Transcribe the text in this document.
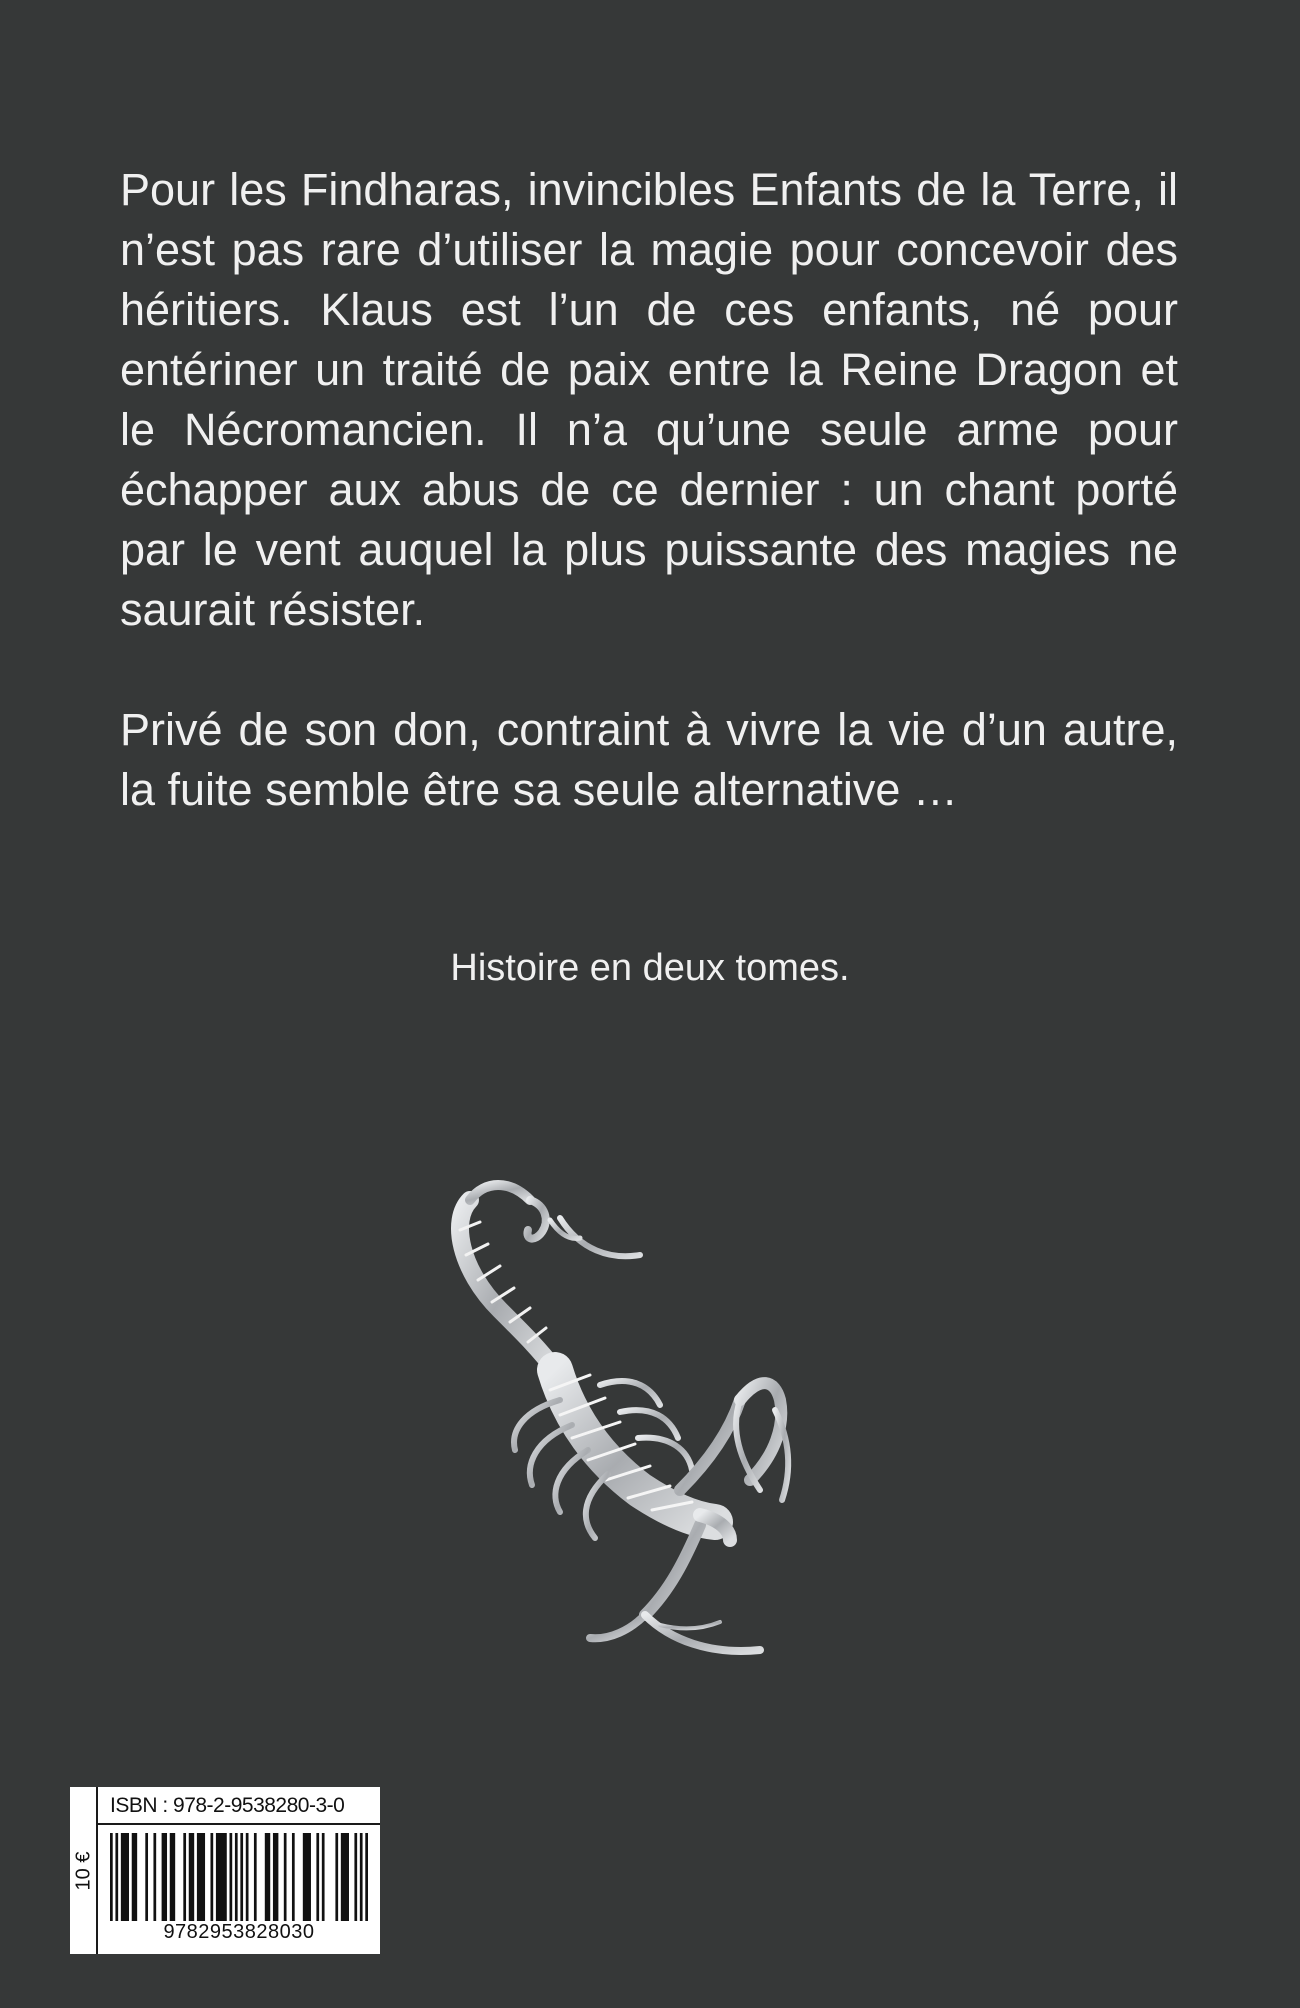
Pour les Findharas, invincibles Enfants de la Terre, il n’est pas rare d’utiliser la magie pour concevoir des héritiers. Klaus est l’un de ces enfants, né pour entériner un traité de paix entre la Reine Dragon et le Nécromancien. Il n’a qu’une seule arme pour échapper aux abus de ce dernier : un chant porté par le vent auquel la plus puissante des magies ne saurait résister.

Privé de son don, contraint à vivre la vie d’un autre, la fuite semble être sa seule alternative …

Histoire en deux tomes.
10 €
ISBN : 978-2-9538280-3-0
9782953828030
